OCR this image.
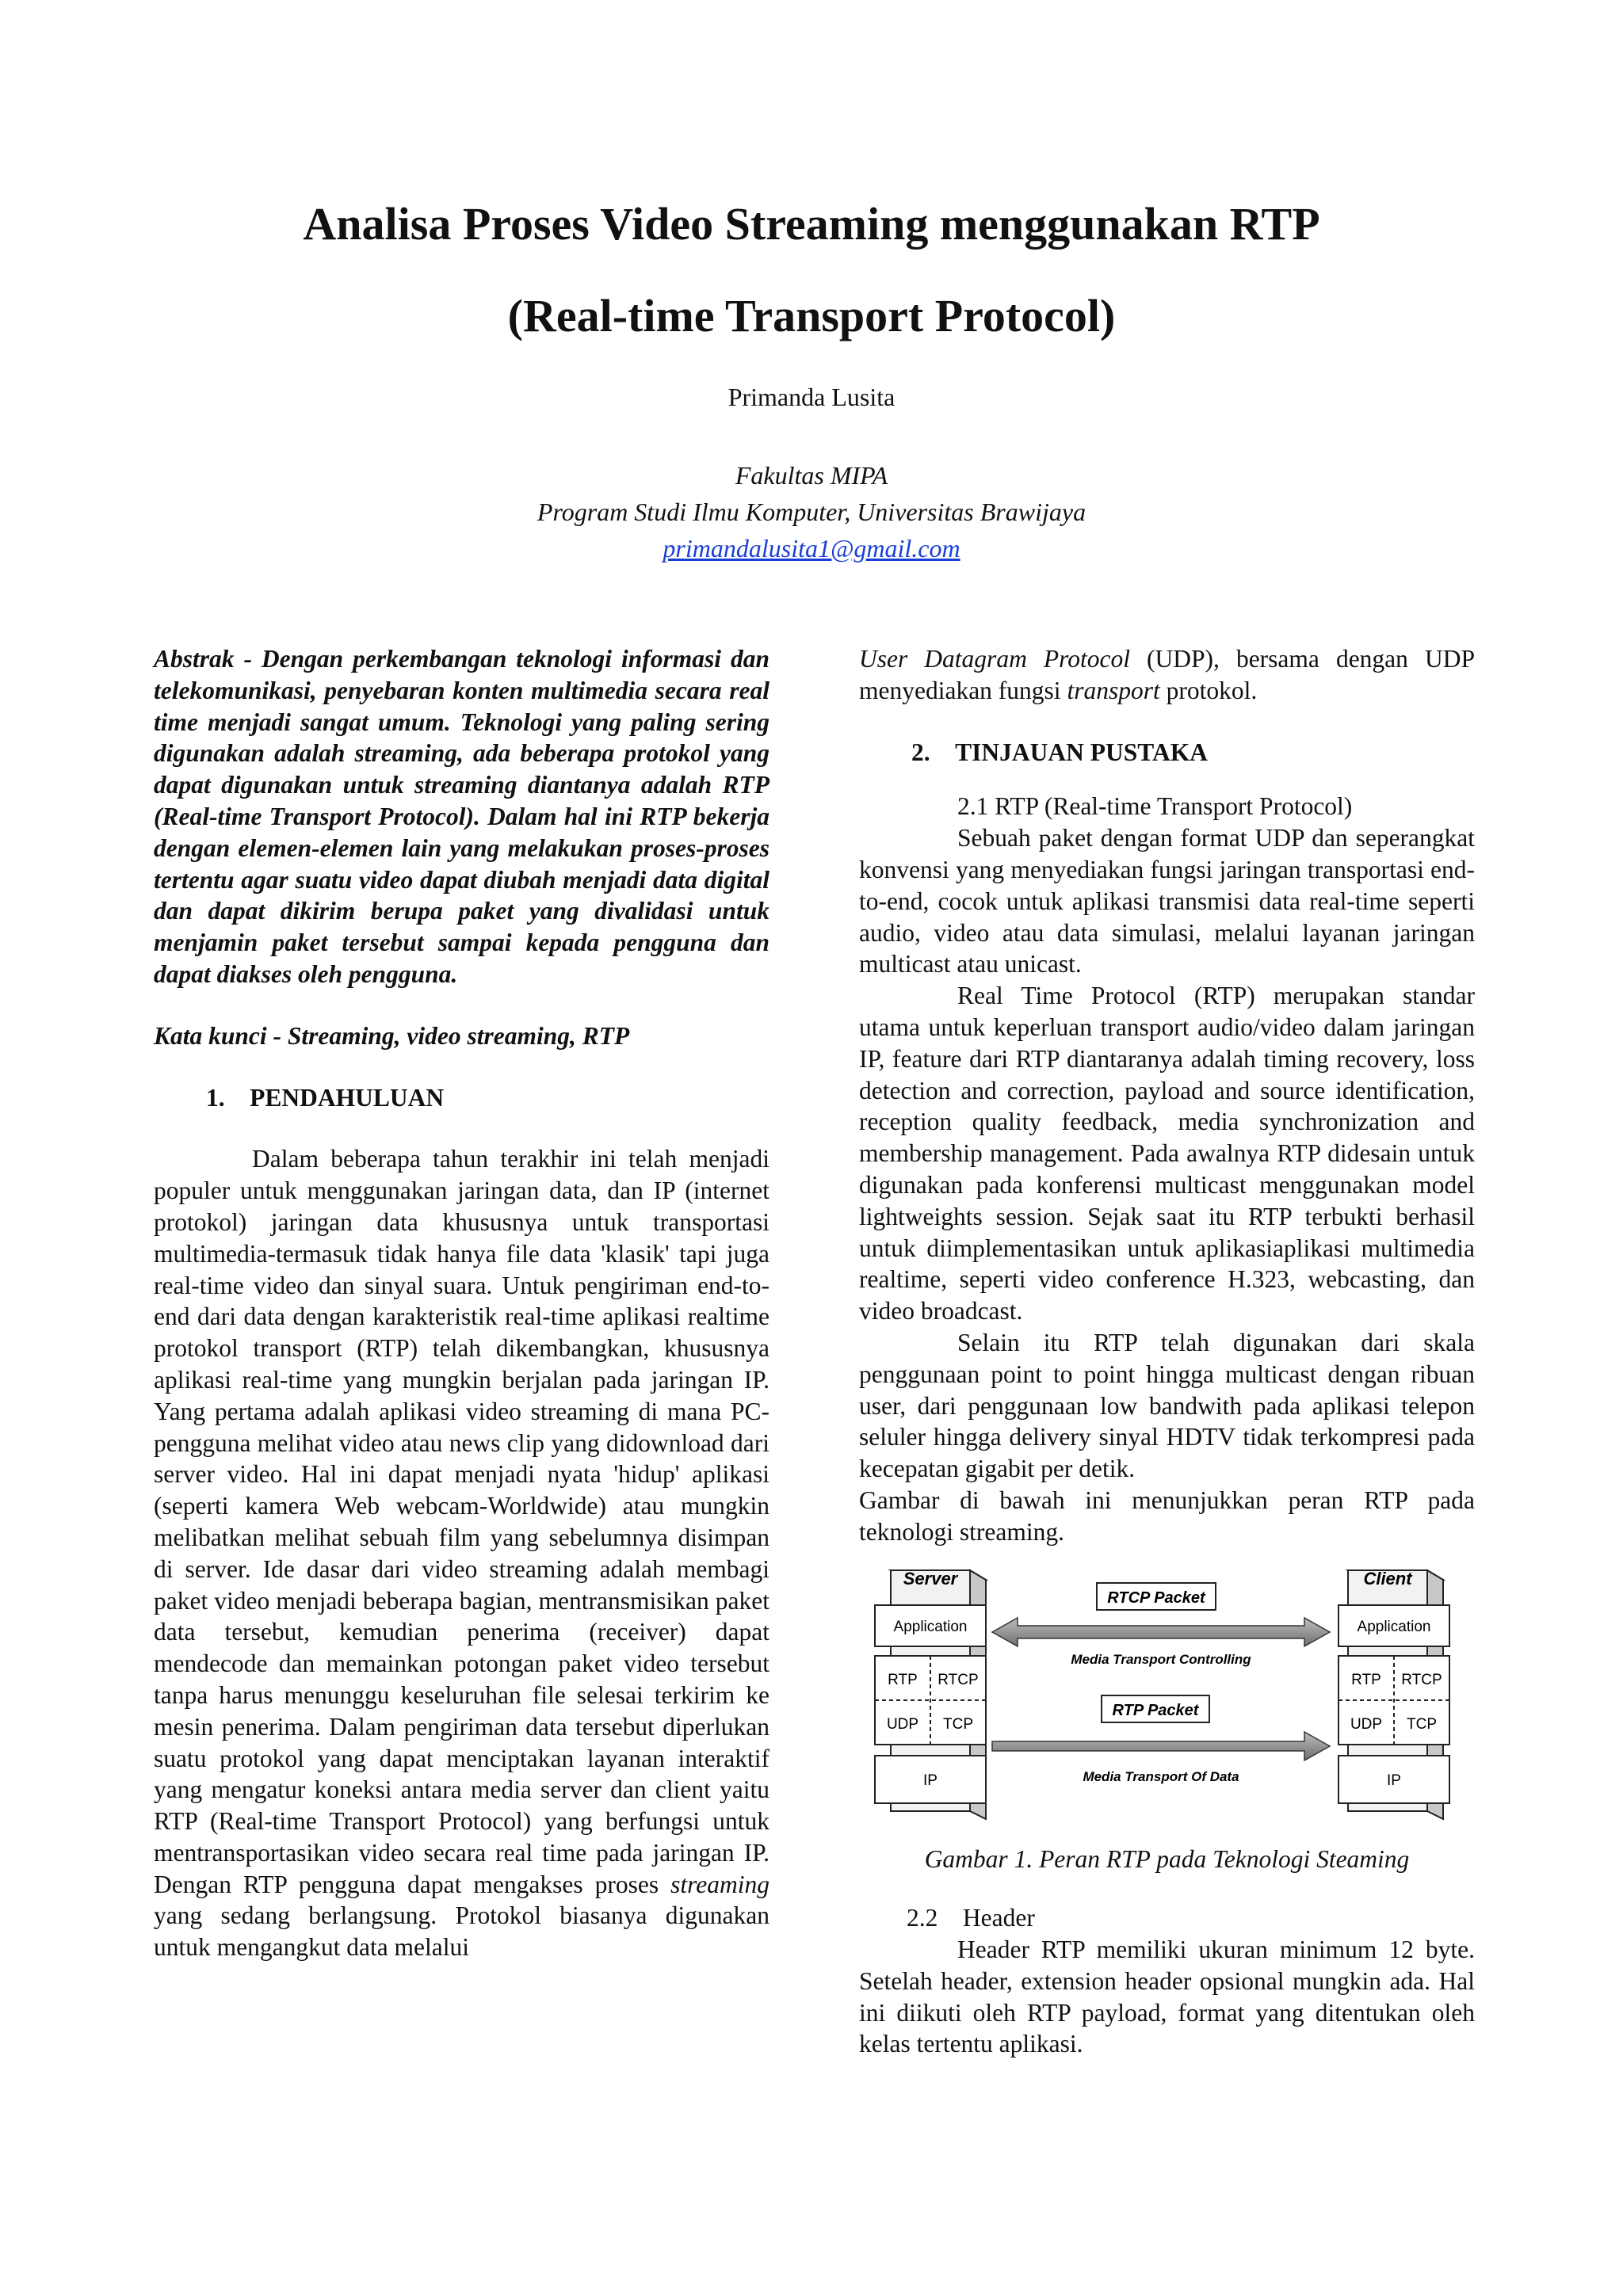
Analisa Proses Video Streaming menggunakan RTP
(Real-time Transport Protocol)
Primanda Lusita
Fakultas MIPA
Program Studi Ilmu Komputer, Universitas Brawijaya
primandalusita1@gmail.com

Abstrak - Dengan perkembangan teknologi informasi dan telekomunikasi, penyebaran konten multimedia secara real time menjadi sangat umum. Teknologi yang paling sering digunakan adalah streaming, ada beberapa protokol yang dapat digunakan untuk streaming diantanya adalah RTP (Real-time Transport Protocol). Dalam hal ini RTP bekerja dengan elemen-elemen lain yang melakukan proses-proses tertentu agar suatu video dapat diubah menjadi data digital dan dapat dikirim berupa paket yang divalidasi untuk menjamin paket tersebut sampai kepada pengguna dan dapat diakses oleh pengguna.

Kata kunci - Streaming, video streaming, RTP

1. PENDAHULUAN

Dalam beberapa tahun terakhir ini telah menjadi populer untuk menggunakan jaringan data, dan IP (internet protokol) jaringan data khususnya untuk transportasi multimedia-termasuk tidak hanya file data 'klasik' tapi juga real-time video dan sinyal suara. Untuk pengiriman end-to-end dari data dengan karakteristik real-time aplikasi realtime protokol transport (RTP) telah dikembangkan, khususnya aplikasi real-time yang mungkin berjalan pada jaringan IP. Yang pertama adalah aplikasi video streaming di mana PC-pengguna melihat video atau news clip yang didownload dari server video. Hal ini dapat menjadi nyata 'hidup' aplikasi (seperti kamera Web webcam-Worldwide) atau mungkin melibatkan melihat sebuah film yang sebelumnya disimpan di server. Ide dasar dari video streaming adalah membagi paket video menjadi beberapa bagian, mentransmisikan paket data tersebut, kemudian penerima (receiver) dapat mendecode dan memainkan potongan paket video tersebut tanpa harus menunggu keseluruhan file selesai terkirim ke mesin penerima. Dalam pengiriman data tersebut diperlukan suatu protokol yang dapat menciptakan layanan interaktif yang mengatur koneksi antara media server dan client yaitu RTP (Real-time Transport Protocol) yang berfungsi untuk mentransportasikan video secara real time pada jaringan IP. Dengan RTP pengguna dapat mengakses proses streaming yang sedang berlangsung. Protokol biasanya digunakan untuk mengangkut data melalui

User Datagram Protocol (UDP), bersama dengan UDP menyediakan fungsi transport protokol.

2. TINJAUAN PUSTAKA

2.1 RTP (Real-time Transport Protocol)

Sebuah paket dengan format UDP dan seperangkat konvensi yang menyediakan fungsi jaringan transportasi end-to-end, cocok untuk aplikasi transmisi data real-time seperti audio, video atau data simulasi, melalui layanan jaringan multicast atau unicast.

Real Time Protocol (RTP) merupakan standar utama untuk keperluan transport audio/video dalam jaringan IP, feature dari RTP diantaranya adalah timing recovery, loss detection and correction, payload and source identification, reception quality feedback, media synchronization and membership management. Pada awalnya RTP didesain untuk digunakan pada konferensi multicast menggunakan model lightweights session. Sejak saat itu RTP terbukti berhasil untuk diimplementasikan untuk aplikasiaplikasi multimedia realtime, seperti video conference H.323, webcasting, dan video broadcast.

Selain itu RTP telah digunakan dari skala penggunaan point to point hingga multicast dengan ribuan user, dari penggunaan low bandwith pada aplikasi telepon seluler hingga delivery sinyal HDTV tidak terkompresi pada kecepatan gigabit per detik.

Gambar di bawah ini menunjukkan peran RTP pada teknologi streaming.

Server
Application
RTP RTCP
UDP TCP
IP
Client
Application
RTP RTCP
UDP TCP
IP
RTCP Packet
Media Transport Controlling
RTP Packet
Media Transport Of Data

Gambar 1. Peran RTP pada Teknologi Steaming

2.2 Header

Header RTP memiliki ukuran minimum 12 byte. Setelah header, extension header opsional mungkin ada. Hal ini diikuti oleh RTP payload, format yang ditentukan oleh kelas tertentu aplikasi.
